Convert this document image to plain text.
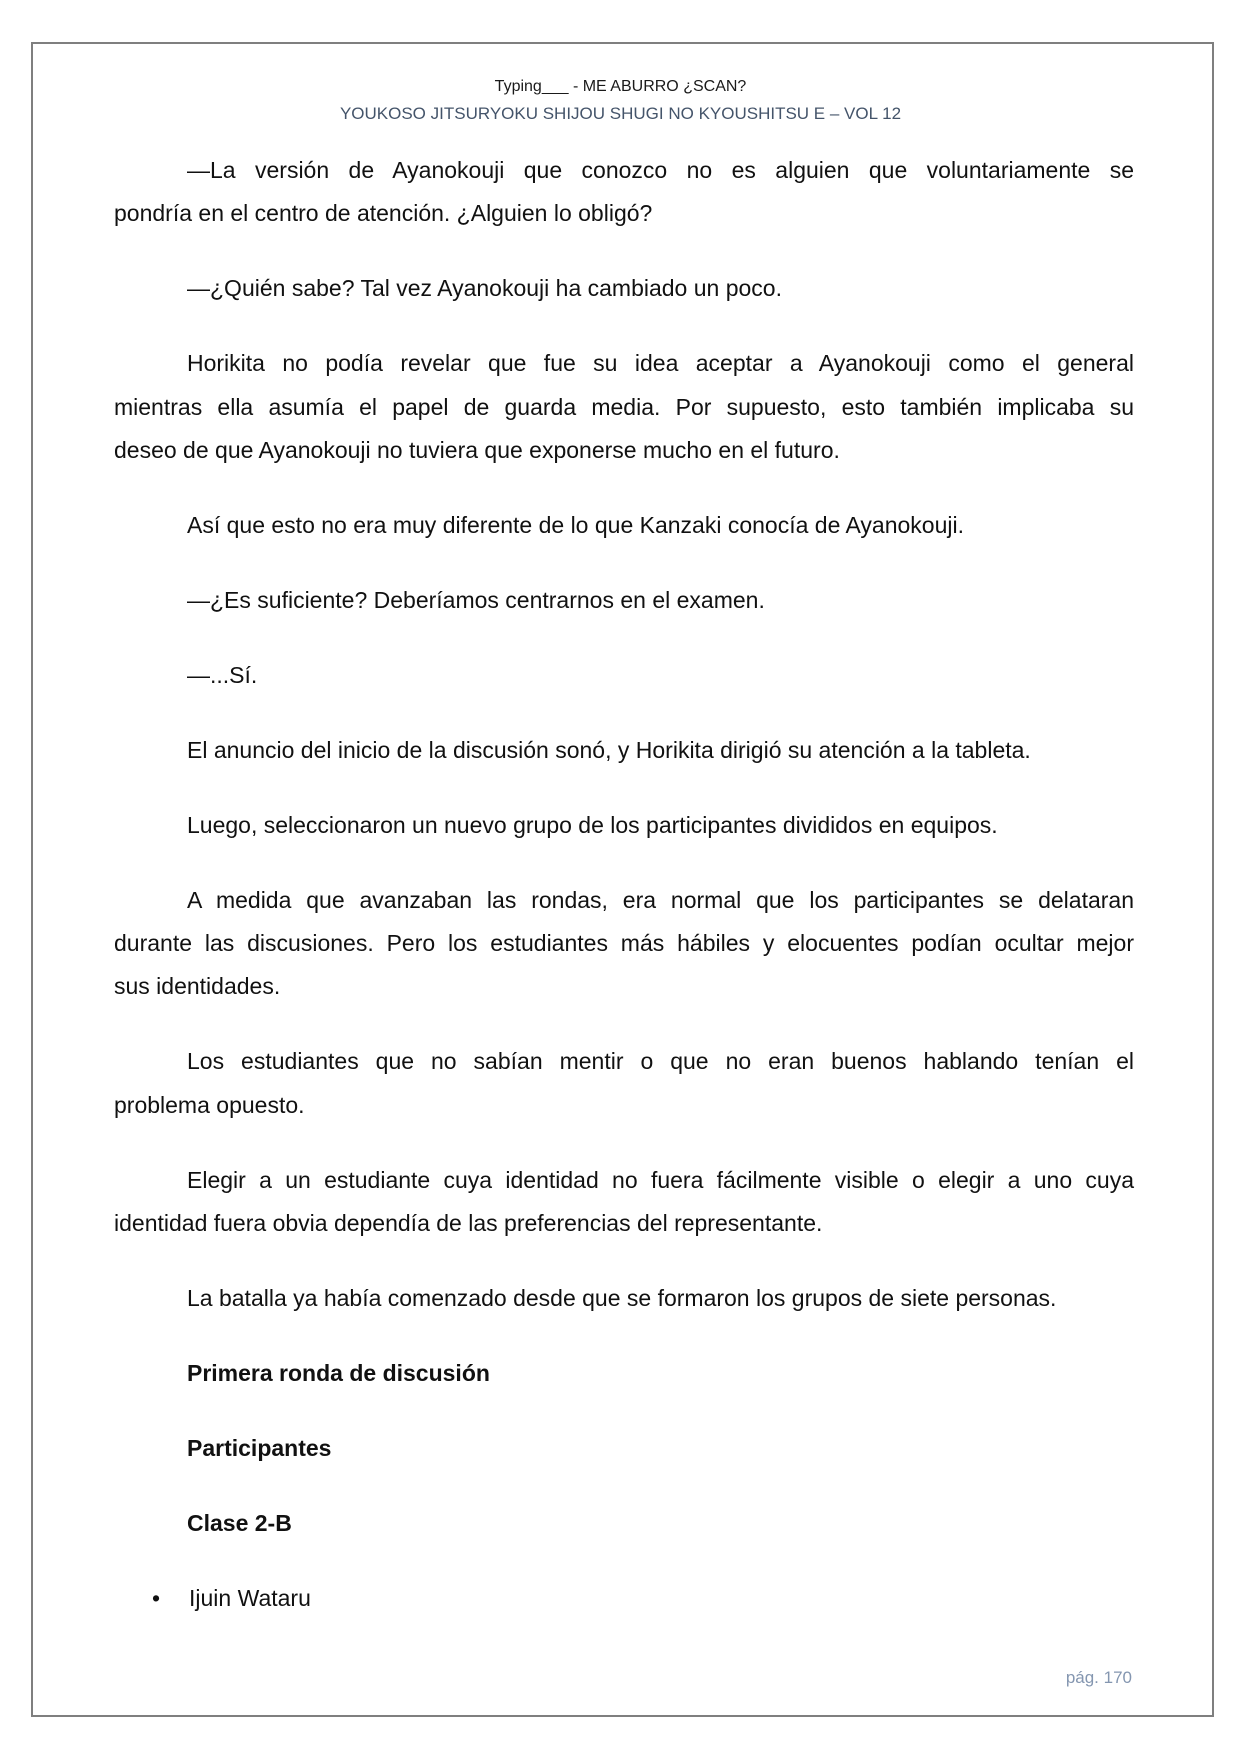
Typing___ - ME ABURRO ¿SCAN?
YOUKOSO JITSURYOKU SHIJOU SHUGI NO KYOUSHITSU E – VOL 12
—La versión de Ayanokouji que conozco no es alguien que voluntariamente se
pondría en el centro de atención. ¿Alguien lo obligó?
—¿Quién sabe? Tal vez Ayanokouji ha cambiado un poco.
Horikita no podía revelar que fue su idea aceptar a Ayanokouji como el general
mientras ella asumía el papel de guarda media. Por supuesto, esto también implicaba su
deseo de que Ayanokouji no tuviera que exponerse mucho en el futuro.
Así que esto no era muy diferente de lo que Kanzaki conocía de Ayanokouji.
—¿Es suficiente? Deberíamos centrarnos en el examen.
—...Sí.
El anuncio del inicio de la discusión sonó, y Horikita dirigió su atención a la tableta.
Luego, seleccionaron un nuevo grupo de los participantes divididos en equipos.
A medida que avanzaban las rondas, era normal que los participantes se delataran
durante las discusiones. Pero los estudiantes más hábiles y elocuentes podían ocultar mejor
sus identidades.
Los estudiantes que no sabían mentir o que no eran buenos hablando tenían el
problema opuesto.
Elegir a un estudiante cuya identidad no fuera fácilmente visible o elegir a uno cuya
identidad fuera obvia dependía de las preferencias del representante.
La batalla ya había comenzado desde que se formaron los grupos de siete personas.
Primera ronda de discusión
Participantes
Clase 2-B
• Ijuin Wataru
pág. 170
